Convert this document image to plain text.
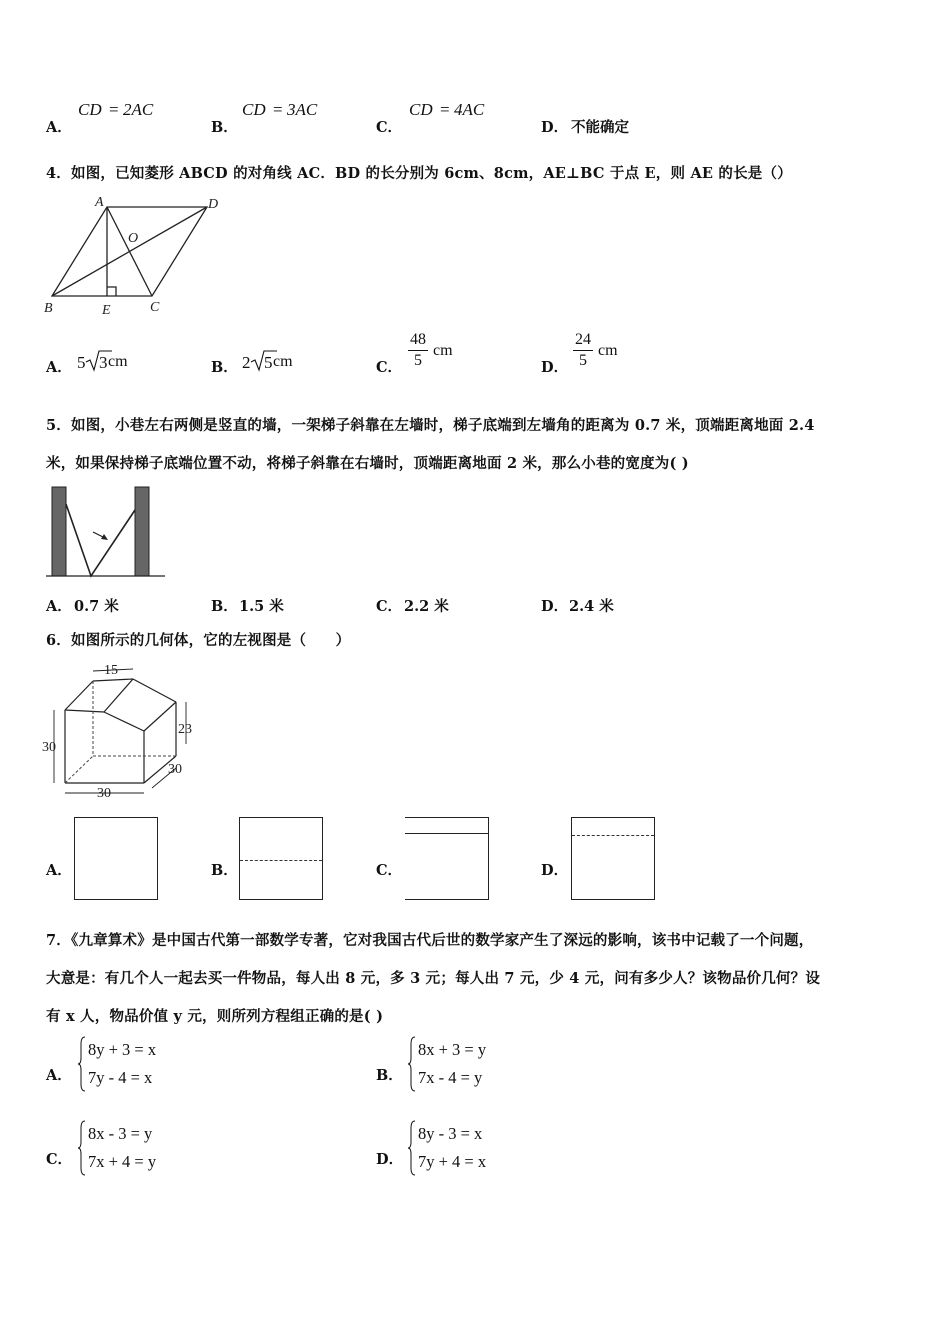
A．
CD = 2AC
B．
CD = 3AC
C．
CD = 4AC
D． 不能确定
4．如图，已知菱形 ABCD 的对角线 AC．BD 的长分别为 6cm、8cm，AE⊥BC 于点 E，则 AE 的长是（）
A	D
O
B	E	C
A． 5 3 cm	B． 2 5 cm	C． $\frac{48}{5}$ cm
D． $\frac{24}{5}$ cm
5．如图，小巷左右两侧是竖直的墙，一架梯子斜靠在左墙时，梯子底端到左墙角的距离为 0.7 米，顶端距离地面 2.4
米，如果保持梯子底端位置不动，将梯子斜靠在右墙时，顶端距离地面 2 米，那么小巷的宽度为( )
A． 0.7 米	B． 1.5 米	C． 2.2 米	D． 2.4 米
6．如图所示的几何体，它的左视图是（　　）
15
30
23
30
30
A．	B．	C．	D．
7．《九章算术》是中国古代第一部数学专著，它对我国古代后世的数学家产生了深远的影响，该书中记载了一个问题，
大意是：有几个人一起去买一件物品，每人出 8 元，多 3 元；每人出 7 元，少 4 元，问有多少人？该物品价几何？设
有 x 人，物品价值 y 元，则所列方程组正确的是( )
A．
8y + 3 = x
7y - 4 = x	B．
8x + 3 = y
7x - 4 = y
C．
8x - 3 = y
7x + 4 = y	D．
8y - 3 = x
7y + 4 = x
